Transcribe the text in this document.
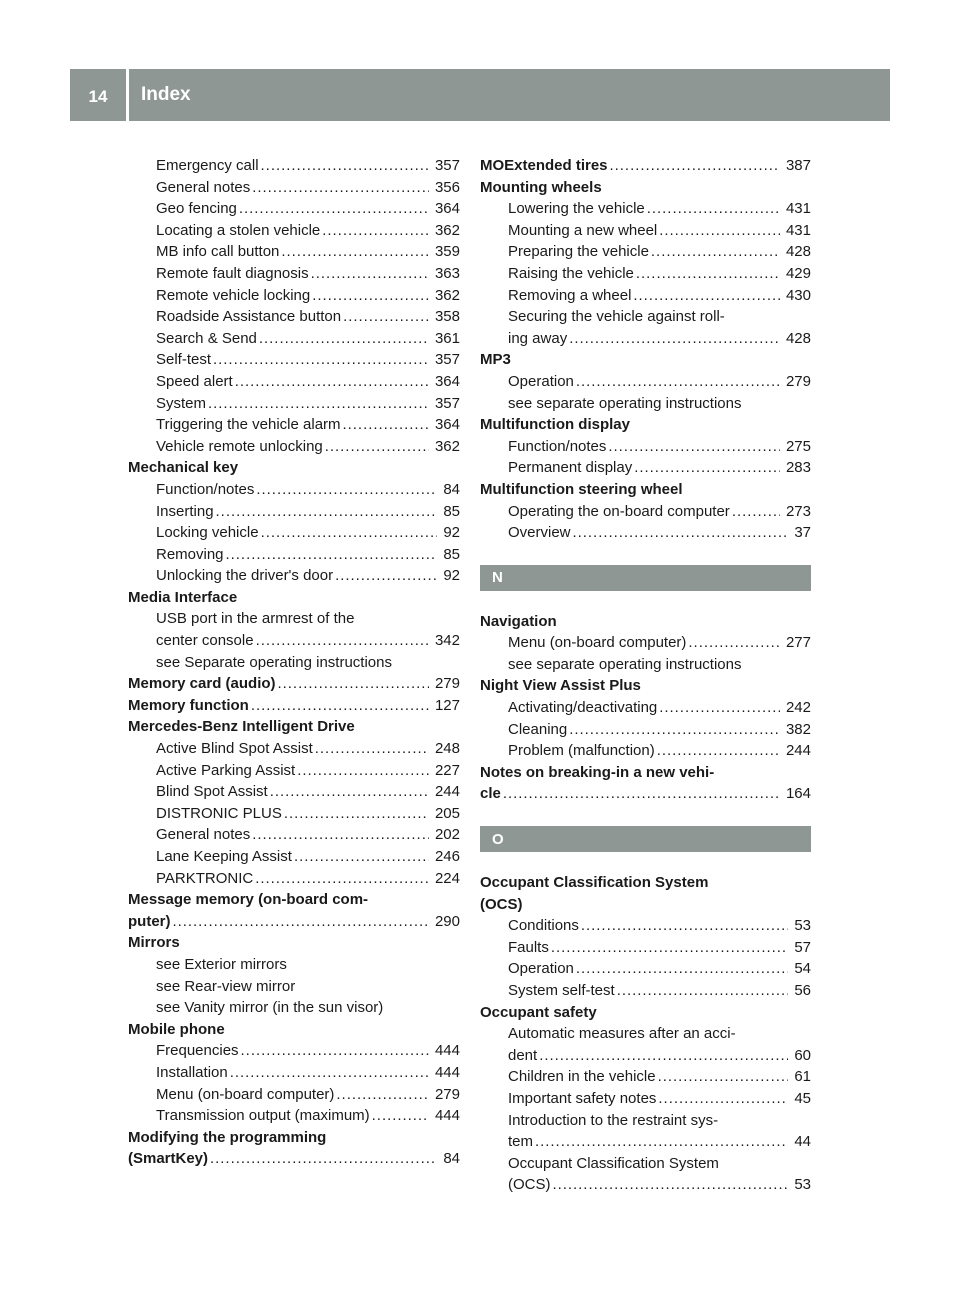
14	Index
Emergency call . . .	357
General notes . . .	356
Geo fencing . . .	364
Locating a stolen vehicle . . .	362
MB info call button . . .	359
Remote fault diagnosis . . .	363
Remote vehicle locking . . .	362
Roadside Assistance button . . .	358
Search & Send . . .	361
Self-test . . .	357
Speed alert . . .	364
System . . .	357
Triggering the vehicle alarm . . .	364
Vehicle remote unlocking . . .	362
Mechanical key
Function/notes . . .	84
Inserting . . .	85
Locking vehicle . . .	92
Removing . . .	85
Unlocking the driver's door . . .	92
Media Interface
USB port in the armrest of the
center console . . .	342
see Separate operating instructions
Memory card (audio) . . .	279
Memory function . . .	127
Mercedes-Benz Intelligent Drive
Active Blind Spot Assist . . .	248
Active Parking Assist . . .	227
Blind Spot Assist . . .	244
DISTRONIC PLUS . . .	205
General notes . . .	202
Lane Keeping Assist . . .	246
PARKTRONIC . . .	224
Message memory (on-board com-
puter) . . .	290
Mirrors
see Exterior mirrors
see Rear-view mirror
see Vanity mirror (in the sun visor)
Mobile phone
Frequencies . . .	444
Installation . . .	444
Menu (on-board computer) . . .	279
Transmission output (maximum) . . .	444
Modifying the programming
(SmartKey) . . .	84
MOExtended tires . . .	387
Mounting wheels
Lowering the vehicle . . .	431
Mounting a new wheel . . .	431
Preparing the vehicle . . .	428
Raising the vehicle . . .	429
Removing a wheel . . .	430
Securing the vehicle against roll-
ing away . . .	428
MP3
Operation . . .	279
see separate operating instructions
Multifunction display
Function/notes . . .	275
Permanent display . . .	283
Multifunction steering wheel
Operating the on-board computer . . .	273
Overview . . .	37
N
Navigation
Menu (on-board computer) . . .	277
see separate operating instructions
Night View Assist Plus
Activating/deactivating . . .	242
Cleaning . . .	382
Problem (malfunction) . . .	244
Notes on breaking-in a new vehi-
cle . . .	164
O
Occupant Classification System
(OCS)
Conditions . . .	53
Faults . . .	57
Operation . . .	54
System self-test . . .	56
Occupant safety
Automatic measures after an acci-
dent . . .	60
Children in the vehicle . . .	61
Important safety notes . . .	45
Introduction to the restraint sys-
tem . . .	44
Occupant Classification System
(OCS) . . .	53
